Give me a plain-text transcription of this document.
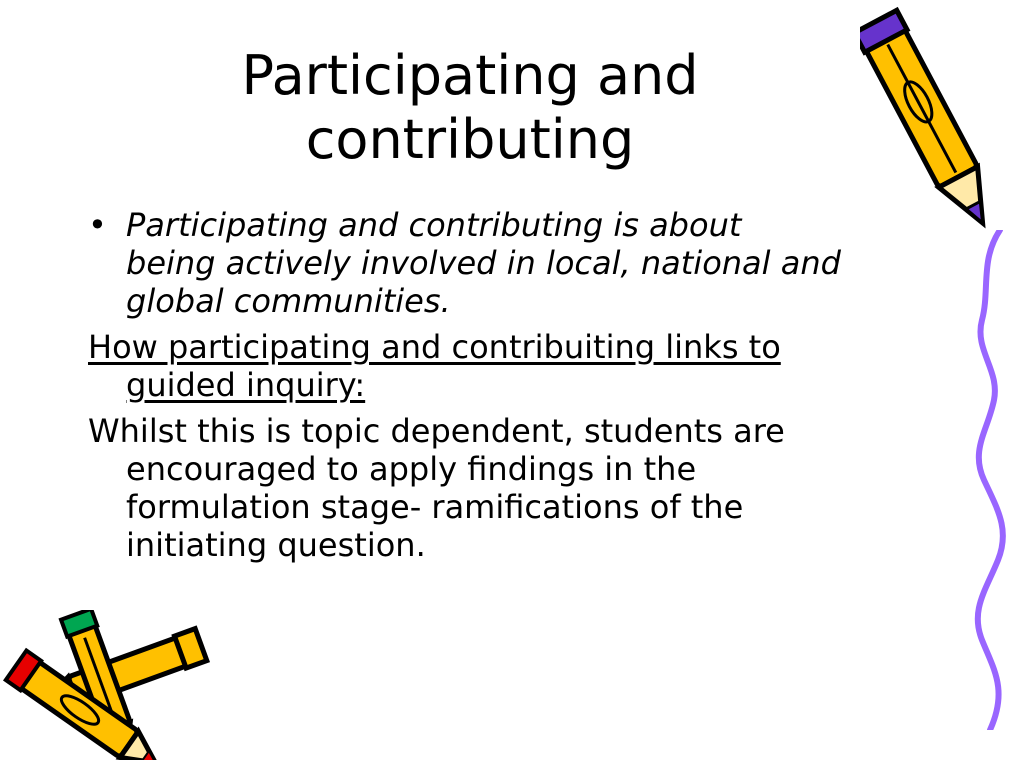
Participating and
contributing
• Participating and contributing is about
being actively involved in local, national and
global communities.
How participating and contribuiting links to
guided inquiry:
Whilst this is topic dependent, students are
encouraged to apply findings in the
formulation stage- ramifications of the
initiating question.
